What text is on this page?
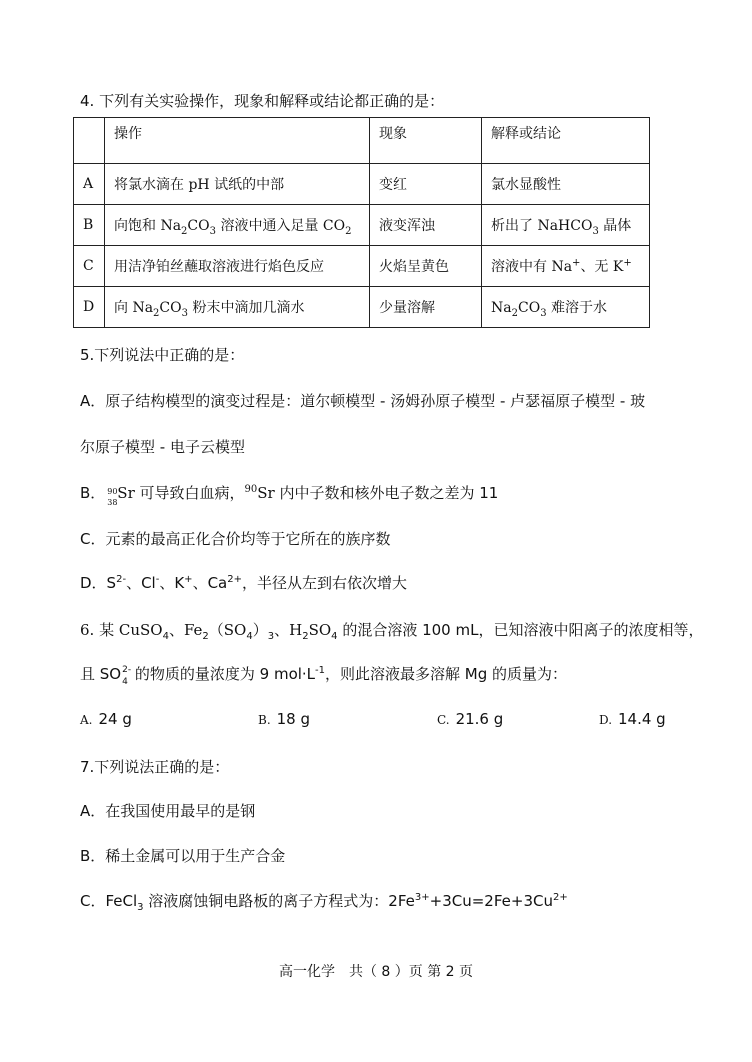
4. 下列有关实验操作，现象和解释或结论都正确的是：
	操作	现象	解释或结论
A	将氯水滴在 pH 试纸的中部	变红	氯水显酸性
B	向饱和 $Na_2CO_3$ 溶液中通入足量 $CO_2$	液变浑浊	析出了 NaHCO$_3$ 晶体
C	用洁净铂丝蘸取溶液进行焰色反应	火焰呈黄色	溶液中有 Na+、无 K+
D	向 $Na_2CO_3$ 粉末中滴加几滴水	少量溶解	$Na_2CO_3$ 难溶于水
5.下列说法中正确的是：
A．原子结构模型的演变过程是：道尔顿模型 - 汤姆孙原子模型 - 卢瑟福原子模型 - 玻
尔原子模型 - 电子云模型
B． 90
38
Sr 可导致白血病，$^{90}$Sr 内中子数和核外电子数之差为 11
C．元素的最高正化合价均等于它所在的族序数
D．$S^{2-}$、Cl-、K+、$Ca^{2+}$，半径从左到右依次增大
6. 某 CuSO$_4$、$Fe_2(SO_4)_3$、$H_2SO_4$ 的混合溶液 100 mL，已知溶液中阳离子的浓度相等，
且 SO 2-
4 的物质的量浓度为 9 $mol\cdot L^{-1}$，则此溶液最多溶解 Mg 的质量为：
A. 24 g	B. 18 g	C. 21.6 g	D. 14.4 g
7.下列说法正确的是：
A．在我国使用最早的是钢
B．稀土金属可以用于生产合金
C．FeCl$_3$ 溶液腐蚀铜电路板的离子方程式为：$2Fe^{3+}+3Cu=2Fe+3Cu^{2+}$
高一化学　共（ 8 ）页 第 2 页
